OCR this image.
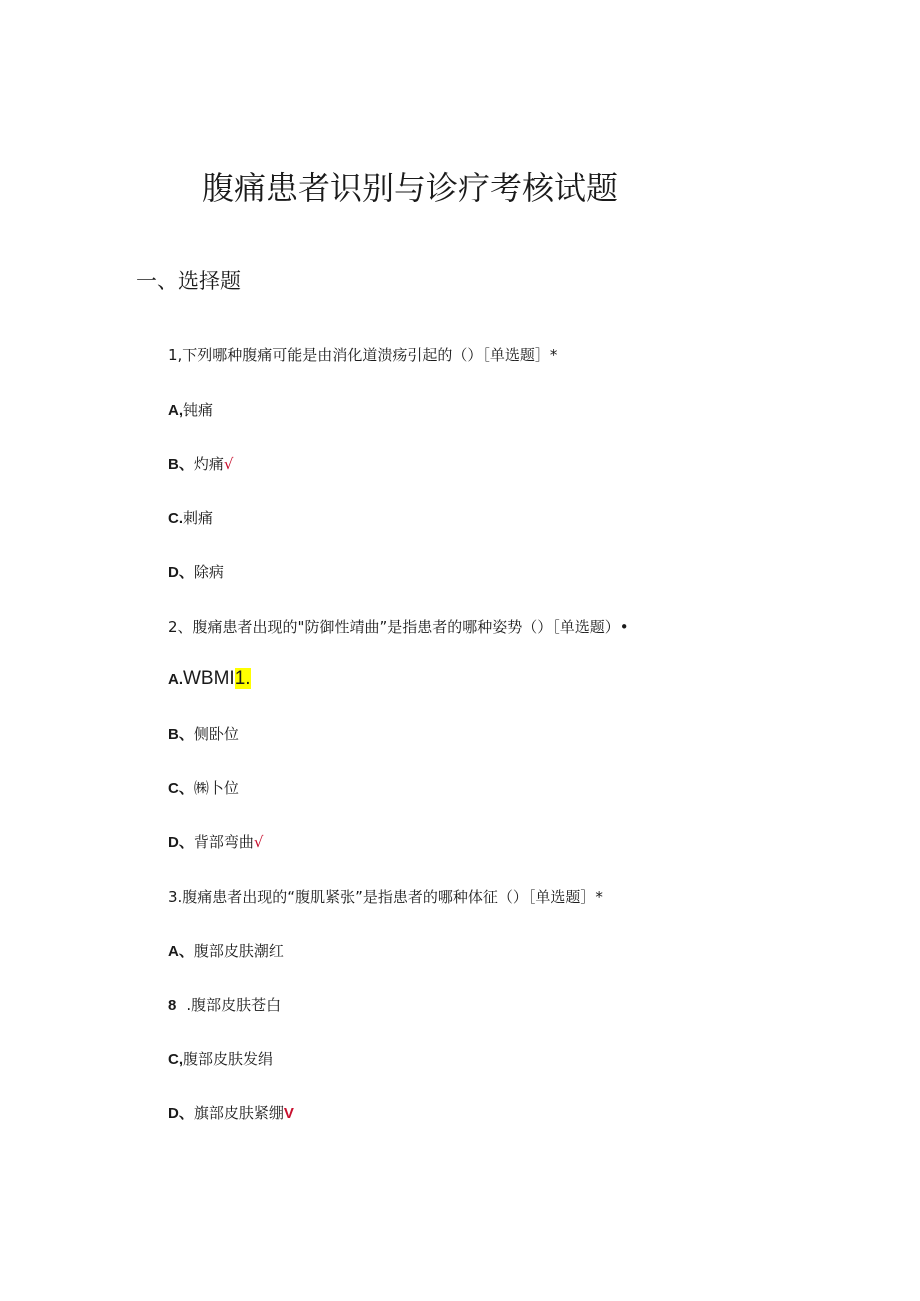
腹痛患者识别与诊疗考核试题
一、选择题
1,下列哪种腹痛可能是由消化道溃疡引起的（）［单选题］*
A,钝痛
B、灼痛√
C.刺痛
D、除病
2、腹痛患者出现的"防御性靖曲”是指患者的哪种姿势（）［单选题）•
A.WBMI1.
B、侧卧位
C、㈱卜位
D、背部弯曲√
3.腹痛患者出现的“腹肌紧张”是指患者的哪种体征（）［单选题］*
A、腹部皮肤潮红
8 .腹部皮肤苍白
C,腹部皮肤发绢
D、旗部皮肤紧绷V
